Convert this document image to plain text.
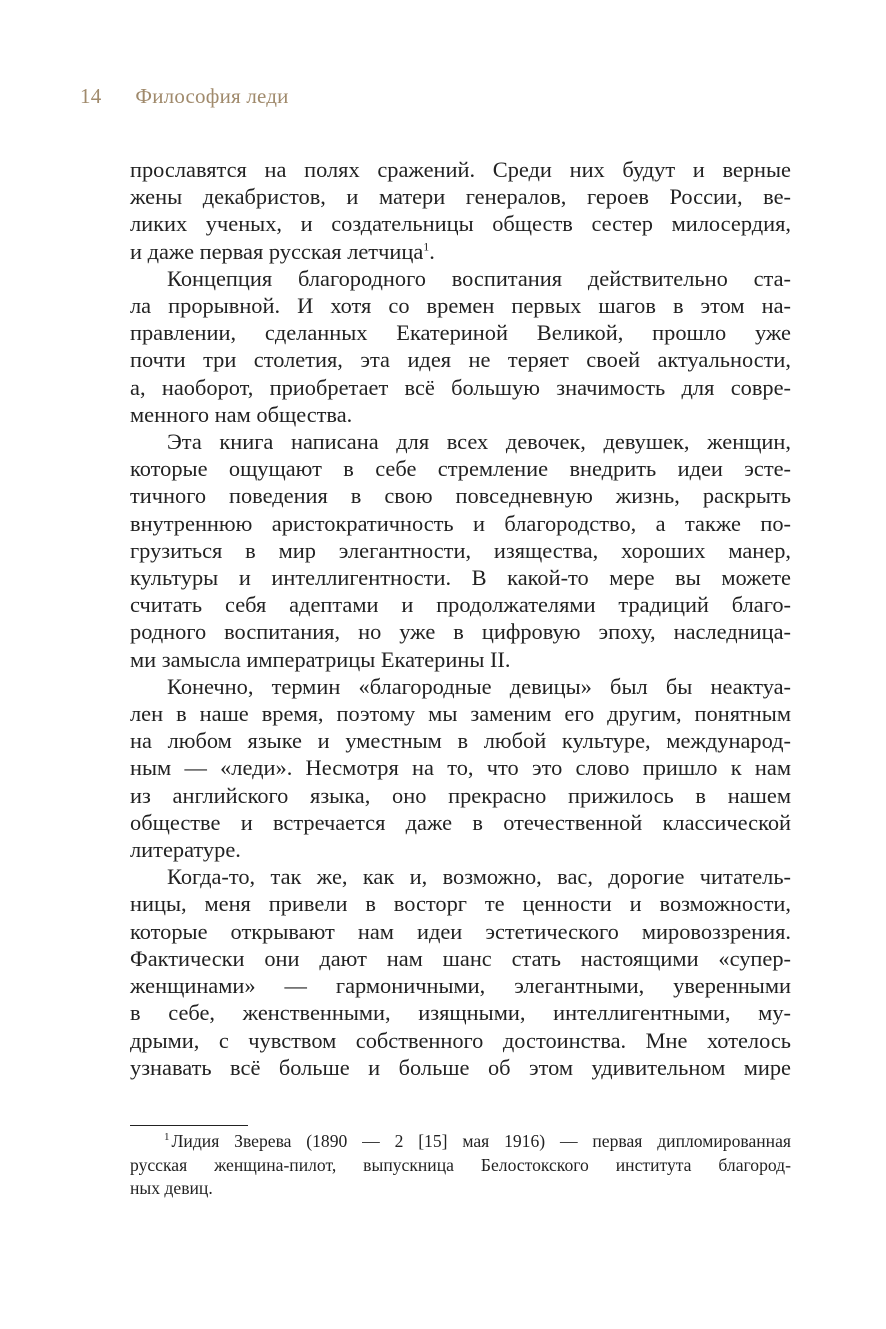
14 Философия леди
прославятся на полях сражений. Среди них будут и верные
жены декабристов, и матери генералов, героев России, ве-
ликих ученых, и создательницы обществ сестер милосердия,
и даже первая русская летчица$^1$.
Концепция благородного воспитания действительно ста-
ла прорывной. И хотя со времен первых шагов в этом на-
правлении, сделанных Екатериной Великой, прошло уже
почти три столетия, эта идея не теряет своей актуальности,
а, наоборот, приобретает всё большую значимость для совре-
менного нам общества.
Эта книга написана для всех девочек, девушек, женщин,
которые ощущают в себе стремление внедрить идеи эсте-
тичного поведения в свою повседневную жизнь, раскрыть
внутреннюю аристократичность и благородство, а также по-
грузиться в мир элегантности, изящества, хороших манер,
культуры и интеллигентности. В какой-то мере вы можете
считать себя адептами и продолжателями традиций благо-
родного воспитания, но уже в цифровую эпоху, наследница-
ми замысла императрицы Екатерины II.
Конечно, термин «благородные девицы» был бы неактуа-
лен в наше время, поэтому мы заменим его другим, понятным
на любом языке и уместным в любой культуре, международ-
ным — «леди». Несмотря на то, что это слово пришло к нам
из английского языка, оно прекрасно прижилось в нашем
обществе и встречается даже в отечественной классической
литературе.
Когда-то, так же, как и, возможно, вас, дорогие читатель-
ницы, меня привели в восторг те ценности и возможности,
которые открывают нам идеи эстетического мировоззрения.
Фактически они дают нам шанс стать настоящими «супер-
женщинами» — гармоничными, элегантными, уверенными
в себе, женственными, изящными, интеллигентными, му-
дрыми, с чувством собственного достоинства. Мне хотелось
узнавать всё больше и больше об этом удивительном мире
$^1$ Лидия Зверева (1890 — 2 [15] мая 1916) — первая дипломированная
русская женщина-пилот, выпускница Белостокского института благород-
ных девиц.
